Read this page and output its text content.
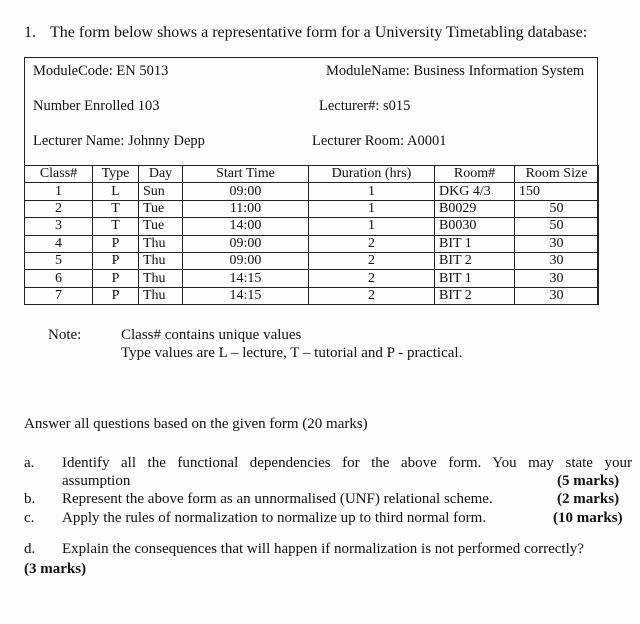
1. The form below shows a representative form for a University Timetabling database:
ModuleCode: EN 5013	ModuleName: Business Information System
Number Enrolled 103	Lecturer#: s015
Lecturer Name: Johnny Depp	Lecturer Room: A0001
Class#	Type	Day	Start Time	Duration (hrs)	Room#	Room Size
1	L	Sun	09:00	1	DKG 4/3	150
2	T	Tue	11:00	1	B0029	50
3	T	Tue	14:00	1	B0030	50
4	P	Thu	09:00	2	BIT 1	30
5	P	Thu	09:00	2	BIT 2	30
6	P	Thu	14:15	2	BIT 1	30
7	P	Thu	14:15	2	BIT 2	30
Note:	Class# contains unique values
Type values are L – lecture, T – tutorial and P - practical.
Answer all questions based on the given form (20 marks)
a. Identify all the functional dependencies for the above form. You may state your
assumption	(5 marks)
b. Represent the above form as an unnormalised (UNF) relational scheme.	(2 marks)
c. Apply the rules of normalization to normalize up to third normal form.	(10 marks)
d. Explain the consequences that will happen if normalization is not performed correctly?
(3 marks)
